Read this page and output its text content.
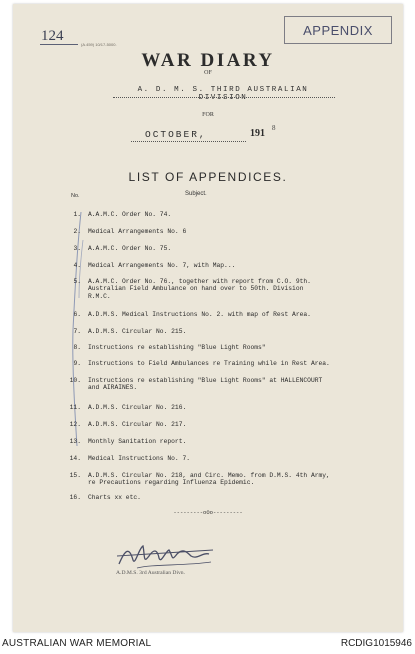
124
(A.459) 10/17-5000.
APPENDIX
WAR DIARY
OF
A. D. M. S. THIRD AUSTRALIAN DIVISION
FOR
OCTOBER,	191 8
LIST OF APPENDICES.
No.	Subject.
1. A.A.M.C. Order No. 74.
2. Medical Arrangements No. 6
3. A.A.M.C. Order No. 75.
4. Medical Arrangements No. 7, with Map...
5. A.A.M.C. Order No. 76., together with report from C.O. 9th.
Australian Field Ambulance on hand over to 50th. Division
R.M.C.
6. A.D.M.S. Medical Instructions No. 2. with map of Rest Area.
7. A.D.M.S. Circular No. 215.
8. Instructions re establishing "Blue Light Rooms"
9. Instructions to Field Ambulances re Training while in Rest Area.
10. Instructions re establishing "Blue Light Rooms" at HALLENCOURT
and AIRAINES.
11. A.D.M.S. Circular No. 216.
12. A.D.M.S. Circular No. 217.
13. Monthly Sanitation report.
14. Medical Instructions No. 7.
15. A.D.M.S. Circular No. 218, and Circ. Memo. from D.M.S. 4th Army,
re Precautions regarding Influenza Epidemic.
16. Charts xx etc.
---------oOo---------
A.D.M.S. 3rd Australian Divn.
AUSTRALIAN WAR MEMORIAL	RCDIG1015946
